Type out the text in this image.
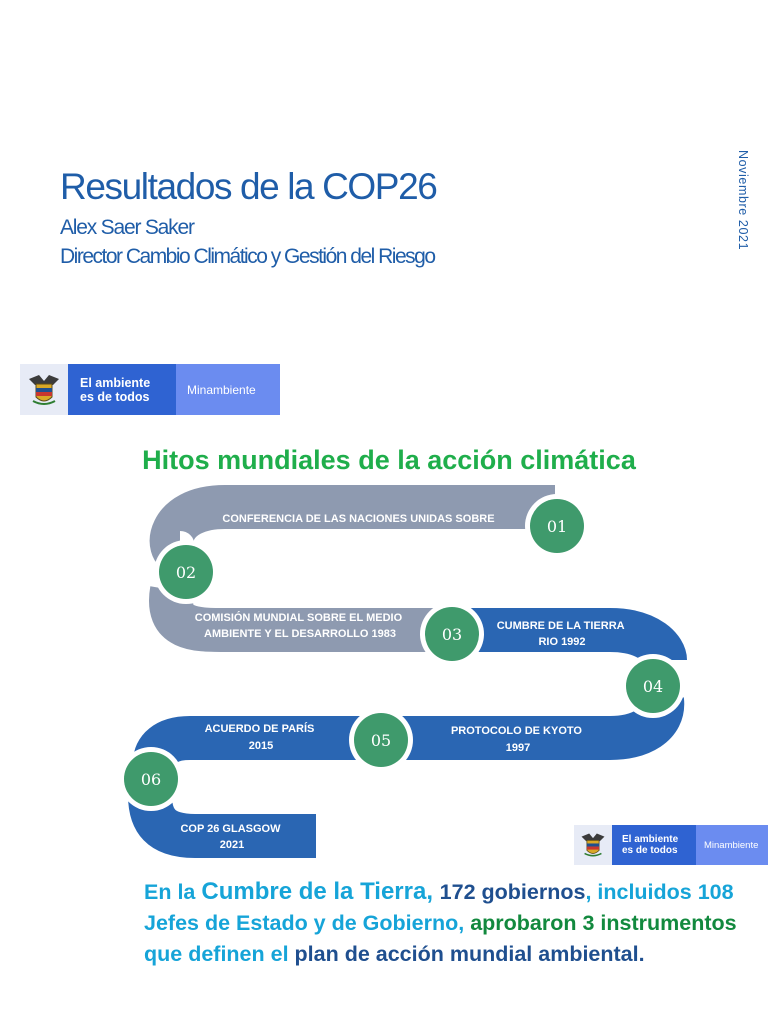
Resultados de la COP26
Alex Saer Saker
Director Cambio Climático y Gestión del Riesgo
Noviembre 2021
El ambiente
es de todos	Minambiente
Hitos mundiales de la acción climática
CONFERENCIA DE LAS NACIONES UNIDAS SOBRE MEDIO HUMANO ESTOCOLMO 1972
COMISIÓN MUNDIAL SOBRE EL MEDIO AMBIENTE Y EL DESARROLLO 1983
CUMBRE DE LA TIERRA RIO 1992
PROTOCOLO DE KYOTO 1997
ACUERDO DE PARÍS 2015
COP 26 GLASGOW 2021
01
02
03
04
05
06
El ambiente
es de todos	Minambiente
En la Cumbre de la Tierra, 172 gobiernos, incluidos 108 Jefes de Estado y de Gobierno, aprobaron 3 instrumentos que definen el plan de acción mundial ambiental.
